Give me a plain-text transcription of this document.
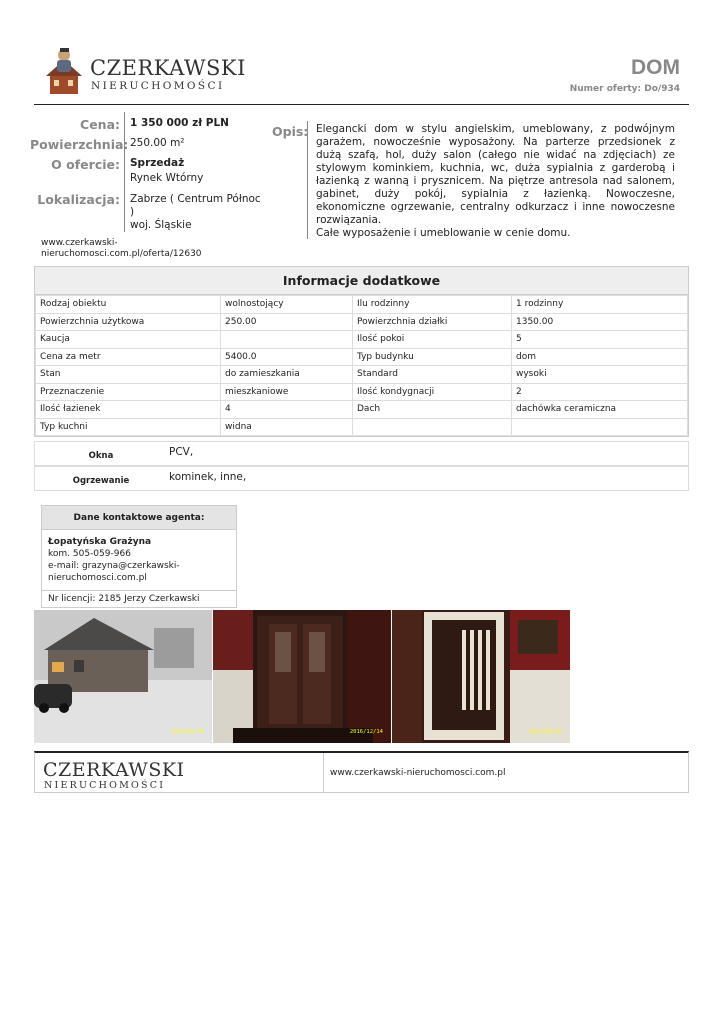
CZERKAWSKI
NIERUCHOMOŚCI
DOM
Numer oferty: Do/934
Cena: 1 350 000 zł PLN
Powierzchnia: 250.00 m²
O ofercie: Sprzedaż
Rynek Wtórny
Lokalizacja: Zabrze ( Centrum Północ
)
woj. Śląskie
www.czerkawski-
nieruchomosci.com.pl/oferta/12630
Opis: Elegancki dom w stylu angielskim, umeblowany, z podwójnym garażem, nowocześnie wyposażony. Na parterze przedsionek z dużą szafą, hol, duży salon (całego nie widać na zdjęciach) ze stylowym kominkiem, kuchnia, wc, duża sypialnia z garderobą i łazienką z wanną i prysznicem. Na piętrze antresola nad salonem, gabinet, duży pokój, sypialnia z łazienką. Nowoczesne, ekonomiczne ogrzewanie, centralny odkurzacz i inne nowoczesne rozwiązania.

Całe wyposażenie i umeblowanie w cenie domu.

Informacje dodatkowe
Rodzaj obiektu	wolnostojący	Ilu rodzinny	1 rodzinny
Powierzchnia użytkowa	250.00	Powierzchnia działki	1350.00
Kaucja		Ilość pokoi	5
Cena za metr	5400.0	Typ budynku	dom
Stan	do zamieszkania	Standard	wysoki
Przeznaczenie	mieszkaniowe	Ilość kondygnacji	2
Ilość łazienek	4	Dach	dachówka ceramiczna
Typ kuchni	widna		
Okna	PCV,
Ogrzewanie	kominek, inne,
Dane kontaktowe agenta:
Łopatyńska Grażyna
kom. 505-059-966
e-mail: grazyna@czerkawski-
nieruchomosci.com.pl
Nr licencji: 2185 Jerzy Czerkawski
2012/02/10	2016/12/14	2012/02/10
CZERKAWSKI
NIERUCHOMOŚCI
www.czerkawski-nieruchomosci.com.pl
